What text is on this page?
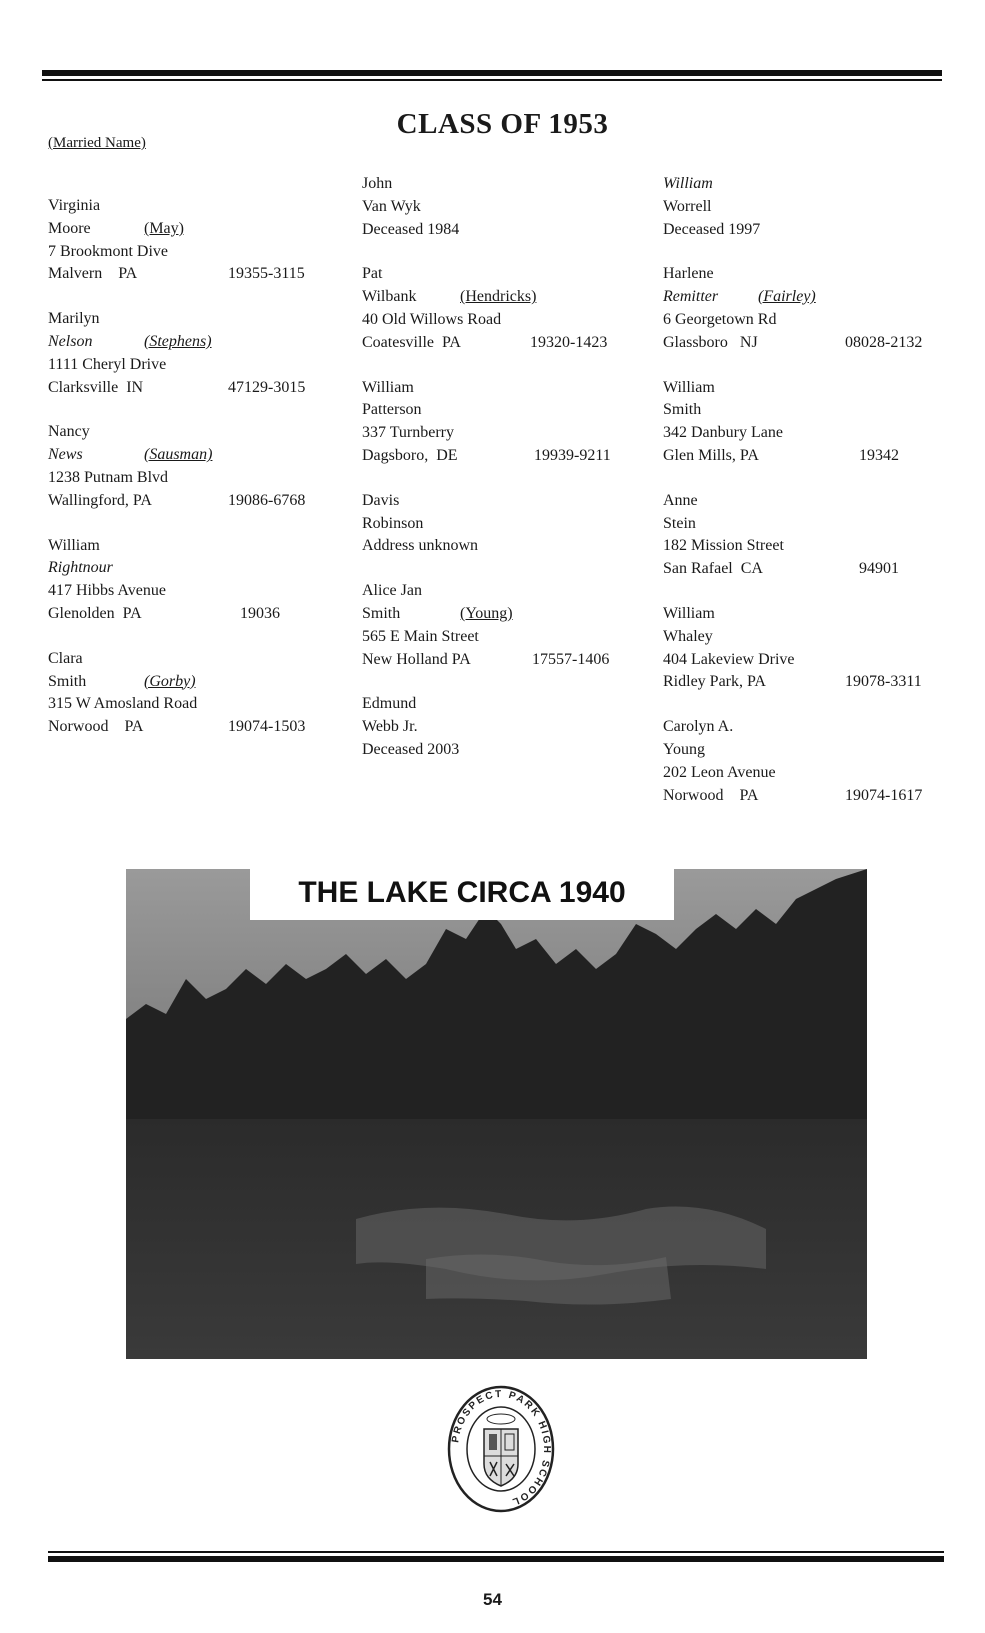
(Married Name)
CLASS OF 1953
Virginia
Moore	(May)
7 Brookmont Dive
Malvern    PA	19355-3115
Marilyn
Nelson	(Stephens)
1111 Cheryl Drive
Clarksville  IN	47129-3015
Nancy
News	(Sausman)
1238 Putnam Blvd
Wallingford, PA	19086-6768
William
Rightnour
417 Hibbs Avenue
Glenolden  PA	19036
Clara
Smith	(Gorby)
315 W Amosland Road
Norwood    PA	19074-1503
John
Van Wyk
Deceased 1984
Pat
Wilbank	(Hendricks)
40 Old Willows Road
Coatesville  PA	19320-1423
William
Patterson
337 Turnberry
Dagsboro,  DE	19939-9211
Davis
Robinson
Address unknown
Alice Jan
Smith	(Young)
565 E Main Street
New Holland PA	17557-1406
Edmund
Webb Jr.
Deceased 2003
William
Worrell
Deceased 1997
Harlene
Remitter (Fairley)
6 Georgetown Rd
Glassboro   NJ	08028-2132
William
Smith
342 Danbury Lane
Glen Mills, PA	19342
Anne
Stein
182 Mission Street
San Rafael  CA	94901
William
Whaley
404 Lakeview Drive
Ridley Park, PA	19078-3311
Carolyn A.
Young
202 Leon Avenue
Norwood    PA	19074-1617
THE LAKE CIRCA 1940
PROSPECT PARK HIGH SCHOOL
54
